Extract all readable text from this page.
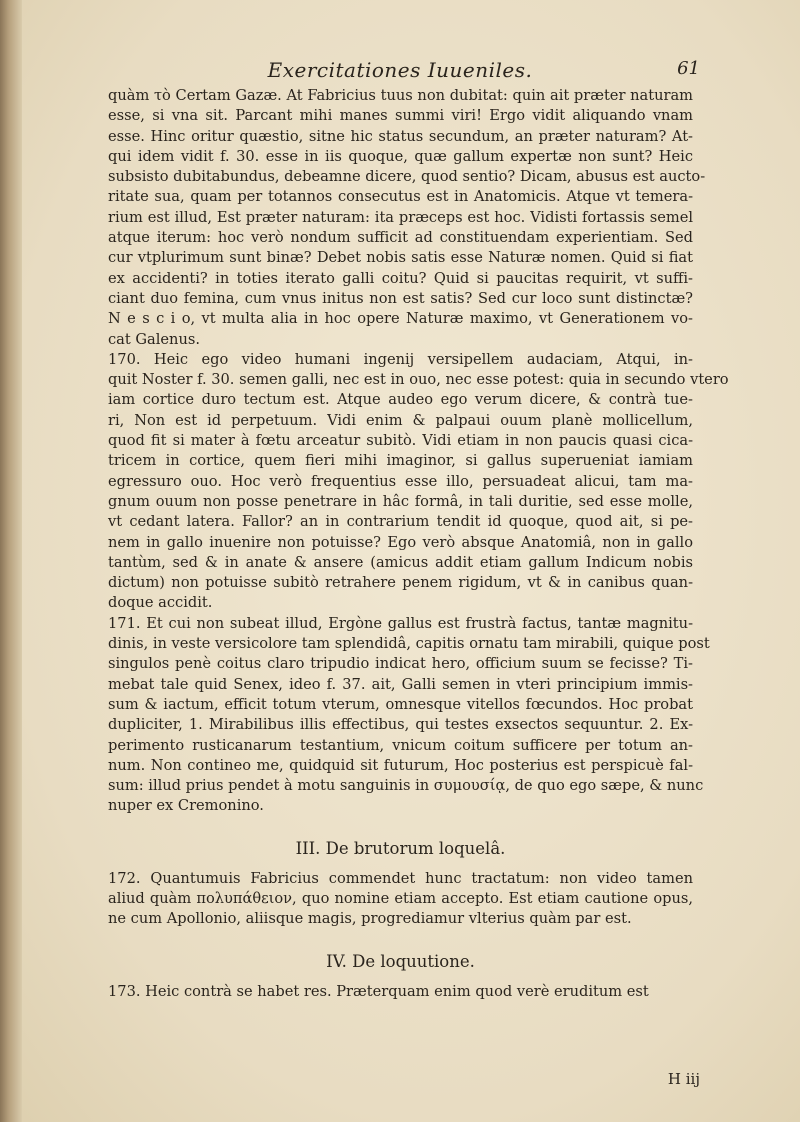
Exercitationes Iuueniles.	61
quàm τὸ Certam Gazæ. At Fabricius tuus non dubitat: quin ait præter naturam
esse, si vna sit. Parcant mihi manes summi viri! Ergo vidit aliquando vnam
esse. Hinc oritur quæstio, sitne hic status secundum, an præter naturam? At-
qui idem vidit f. 30. esse in iis quoque, quæ gallum expertæ non sunt? Heic
subsisto dubitabundus, debeamne dicere, quod sentio? Dicam, abusus est aucto-
ritate sua, quam per totannos consecutus est in Anatomicis. Atque vt temera-
rium est illud, Est præter naturam: ita præceps est hoc. Vidisti fortassis semel
atque iterum: hoc verò nondum sufficit ad constituendam experientiam. Sed
cur vtplurimum sunt binæ? Debet nobis satis esse Naturæ nomen. Quid si fiat
ex accidenti? in toties iterato galli coitu? Quid si paucitas requirit, vt suffi-
ciant duo femina, cum vnus initus non est satis? Sed cur loco sunt distinctæ?
N e s c i o, vt multa alia in hoc opere Naturæ maximo, vt Generationem vo-
cat Galenus.
170. Heic ego video humani ingenij versipellem audaciam, Atqui, in-
quit Noster f. 30. semen galli, nec est in ouo, nec esse potest: quia in secundo vtero
iam cortice duro tectum est. Atque audeo ego verum dicere, & contrà tue-
ri, Non est id perpetuum. Vidi enim & palpaui ouum planè mollicellum,
quod fit si mater à fœtu arceatur subitò. Vidi etiam in non paucis quasi cica-
tricem in cortice, quem fieri mihi imaginor, si gallus superueniat iamiam
egressuro ouo. Hoc verò frequentius esse illo, persuadeat alicui, tam ma-
gnum ouum non posse penetrare in hâc formâ, in tali duritie, sed esse molle,
vt cedant latera. Fallor? an in contrarium tendit id quoque, quod ait, si pe-
nem in gallo inuenire non potuisse? Ego verò absque Anatomiâ, non in gallo
tantùm, sed & in anate & ansere (amicus addit etiam gallum Indicum nobis
dictum) non potuisse subitò retrahere penem rigidum, vt & in canibus quan-
doque accidit.
171. Et cui non subeat illud, Ergòne gallus est frustrà factus, tantæ magnitu-
dinis, in veste versicolore tam splendidâ, capitis ornatu tam mirabili, quique post
singulos penè coitus claro tripudio indicat hero, officium suum se fecisse? Ti-
mebat tale quid Senex, ideo f. 37. ait, Galli semen in vteri principium immis-
sum & iactum, efficit totum vterum, omnesque vitellos fœcundos. Hoc probat
dupliciter, 1. Mirabilibus illis effectibus, qui testes exsectos sequuntur. 2. Ex-
perimento rusticanarum testantium, vnicum coitum sufficere per totum an-
num. Non contineo me, quidquid sit futurum, Hoc posterius est perspicuè fal-
sum: illud prius pendet à motu sanguinis in συμουσίᾳ, de quo ego sæpe, & nunc
nuper ex Cremonino.
III. De brutorum loquelâ.
172. Quantumuis Fabricius commendet hunc tractatum: non video tamen
aliud quàm πολυπάθειον, quo nomine etiam accepto. Est etiam cautione opus,
ne cum Apollonio, aliisque magis, progrediamur vlterius quàm par est.
IV. De loquutione.
173. Heic contrà se habet res. Præterquam enim quod verè eruditum est
H iij
